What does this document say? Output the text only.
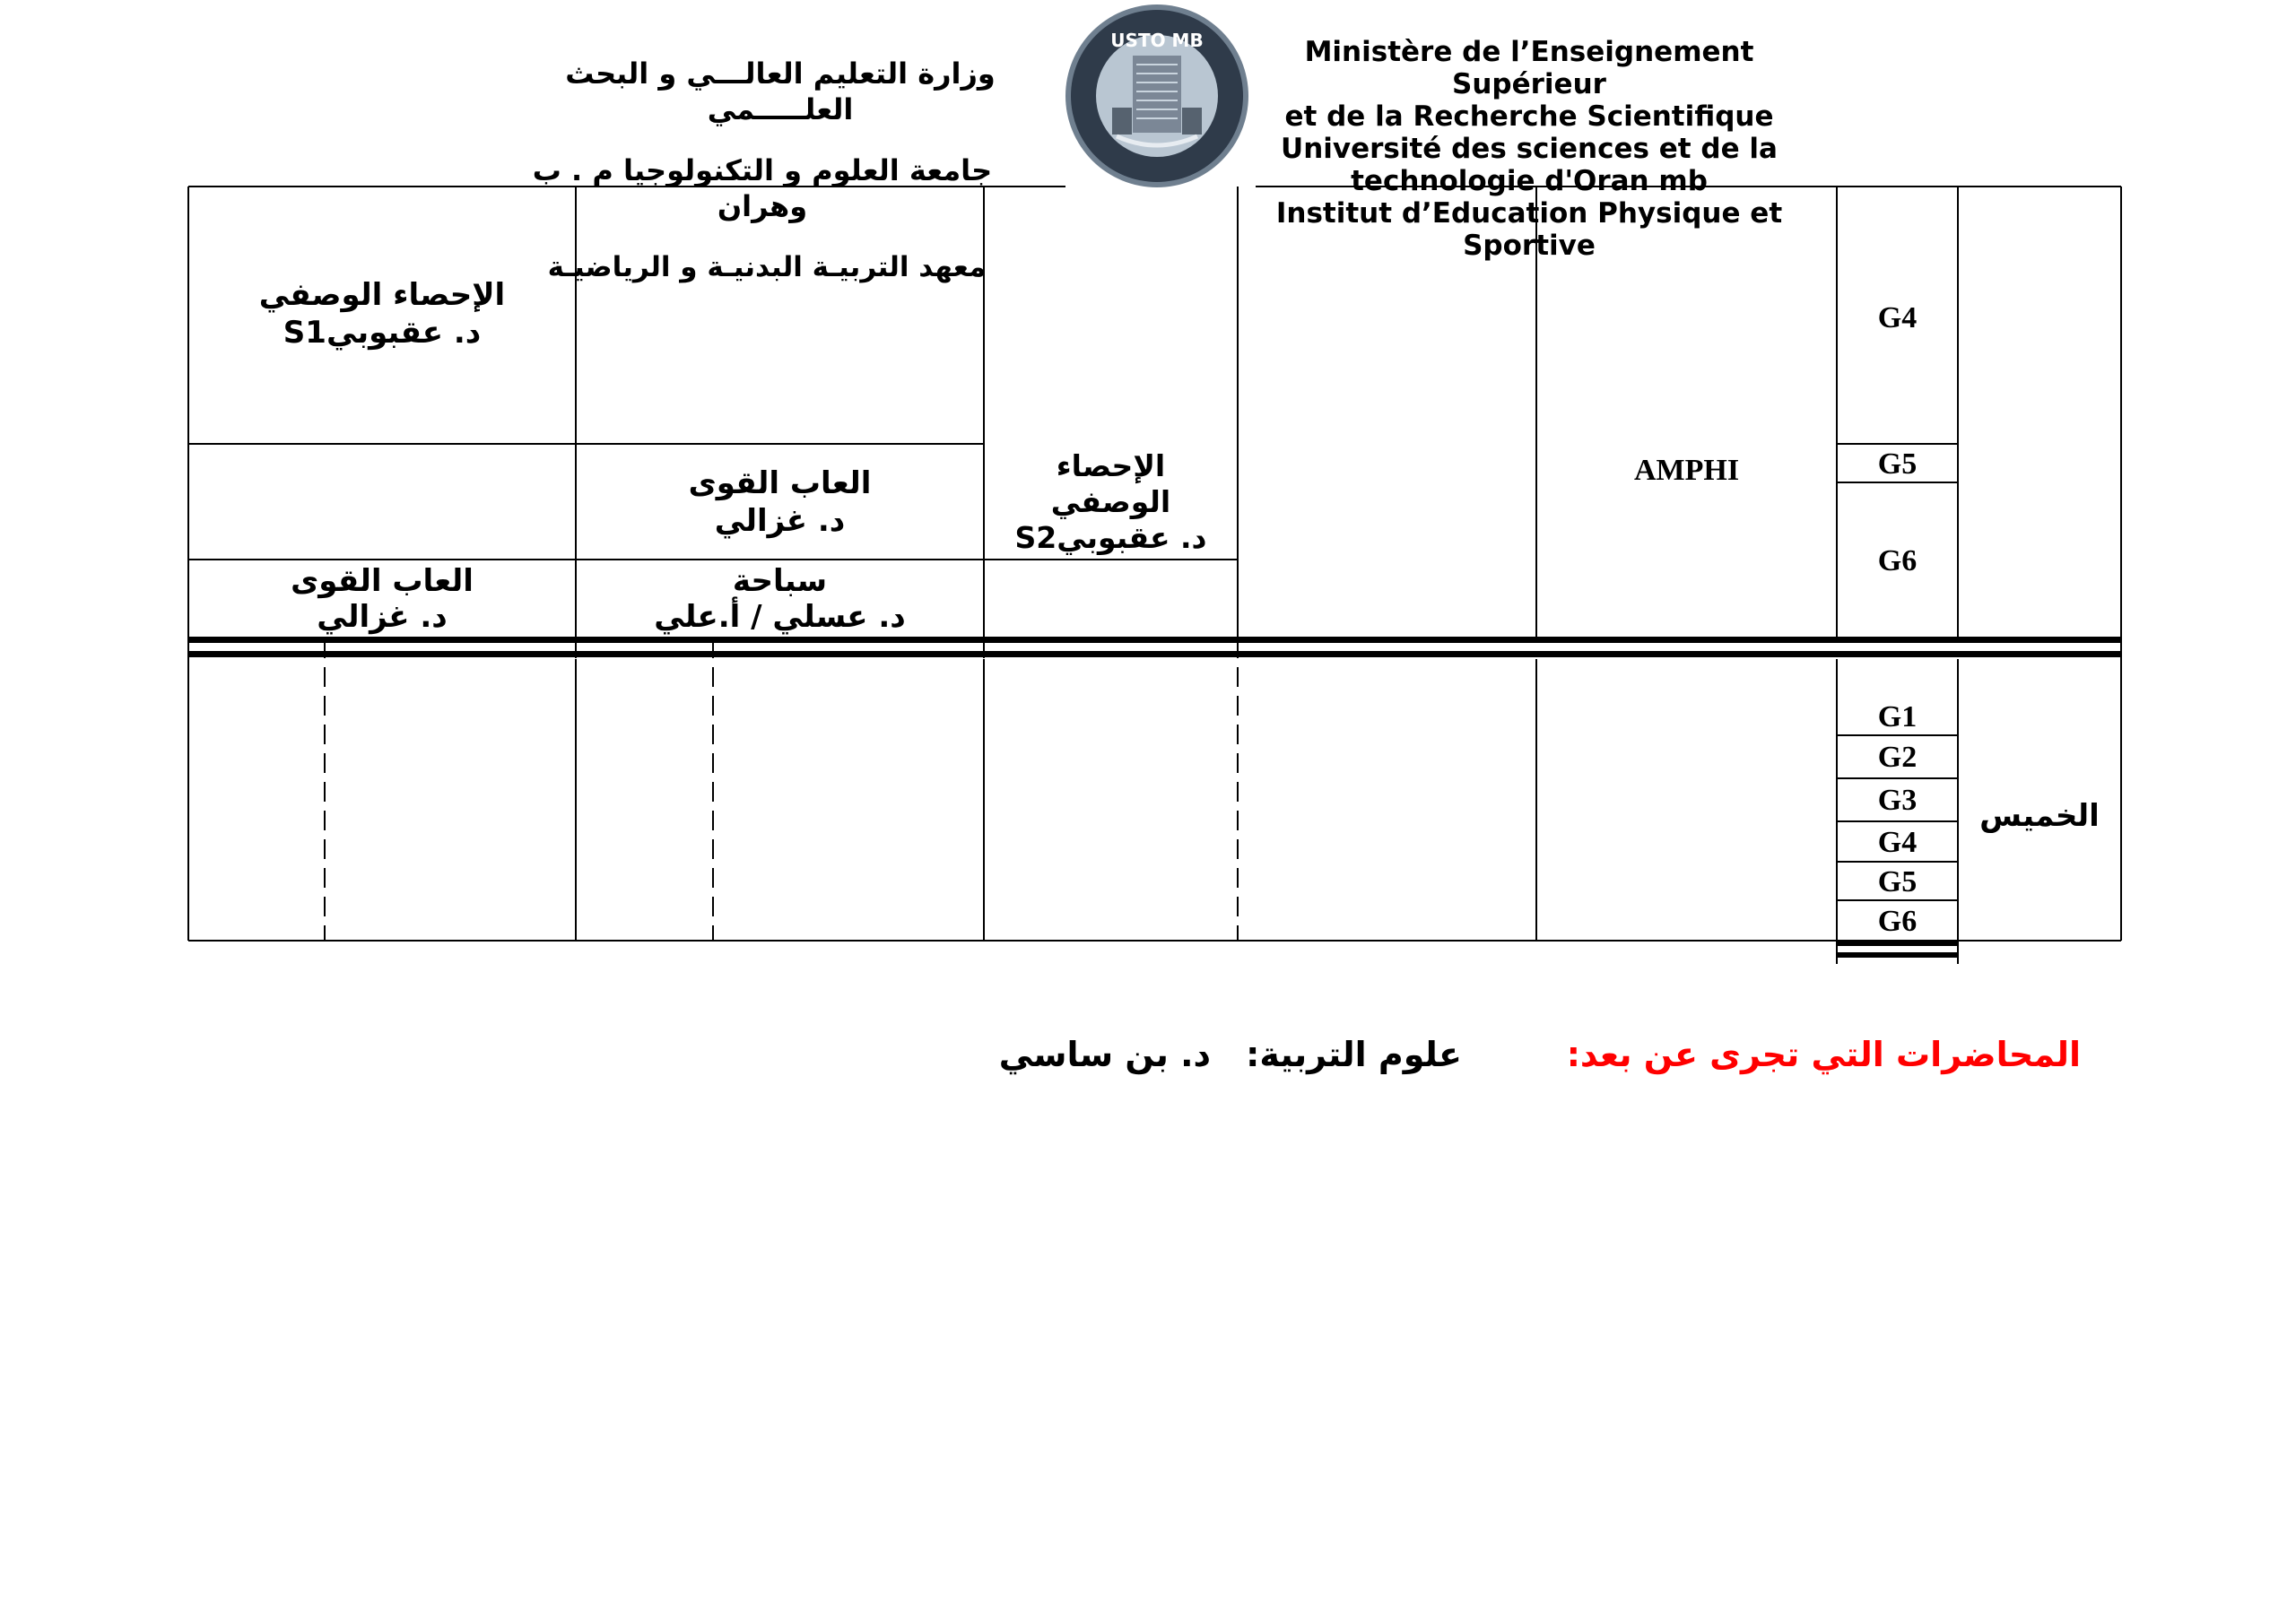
وزارة التعليم العالـــي و البحث العلـــــمي
جامعة العلوم و التكنولوجيا م . ب وهران
معهد التربيـة البدنيـة و الرياضيـة
USTO MB	Ministère de l’Enseignement Supérieur
et de la Recherche Scientifique
Université des sciences et de la technologie d'Oran mb
Institut d’Education Physique et Sportive
الإحصاء الوصفي
د. عقبوبيS1
العاب القوى
د. غزالي
الإحصاء الوصفي
د. عقبوبيS2
العاب القوى
د. غزالي
سباحة
د. عسلي / أ.علي
AMPHI
G4
G5
G6
G1
G2
G3
G4
G5
G6
الخميس
المحاضرات التي تجرى عن بعد:
علوم التربية:
د. بن ساسي
